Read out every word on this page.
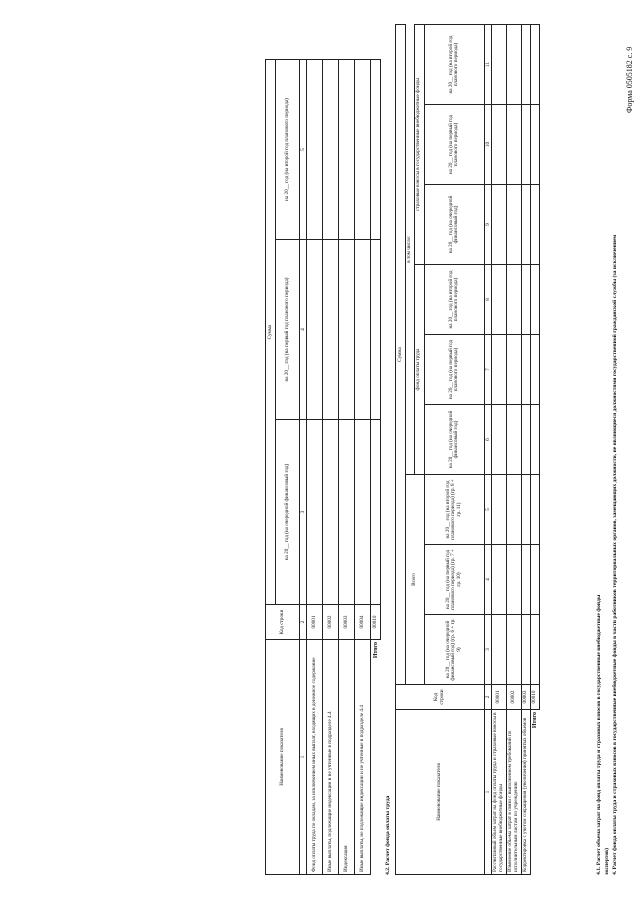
Форма 0505182 с. 9
4. Расчет фонда оплаты труда и страховых взносов в государственные внебюджетные фонды в части работников территориальных органов, замещающих должности, не являющиеся должностями государственной гражданской службы (за исключением
экспертов)
4.1. Расчет объема затрат на фонд оплаты труда и страховых взносов в государственные внебюджетные фонды
Наименование показателя	Код строки	Сумма								
		Всего			в том числе:					
					фонд оплаты труда			страховые взносы в государственные внебюджетные фонды		
		на 20__ год (на очередной финансовый год) (гр. 6 + гр. 9)	на 20__ год (на первый год планового периода) (гр. 7 + гр. 10)	на 20__ год (на второй год планового периода) (гр. 8 + гр. 11)	на 20__ год (на очередной финансовый год)	на 20__ год (на первый год планового периода)	на 20__ год (на второй год планового периода)	на 20__ год (на очередной финансовый год)	на 20__ год (на первый год планового периода)	на 20__ год (на второй год планового периода)
1	2	3	4	5	6	7	8	9	10	11
Рассчитанный объем затрат на фонд оплаты труда и страховые взносы в государственные внебюджетные фонды	00001									
Изменение объема затрат в связи с выполнением требований по исполнительным листам по учреждению	00002									
Корректировка с учетом сокращения (увеличения) принятых объемов	00003									
Итого	00010									
4.2. Расчет фонда оплаты труда
Наименование показателя	Код строки	Сумма		
		на 20__ год (на очередной финансовый год)	на 20__ год (на первый год планового периода)	на 20__ год (на второй год планового периода)
1	2	3	4	5
Фонд оплаты труда по окладам, за исключением иных выплат, входящих в денежное содержание	00001			
Иные выплаты, подлежащие индексации и не учтенные в подразделе 4.4	00002			
Индексация	00003			
Иные выплаты, не подлежащие индексации и не учтенные в подразделе 4.4	00004			
Итого	00010			
